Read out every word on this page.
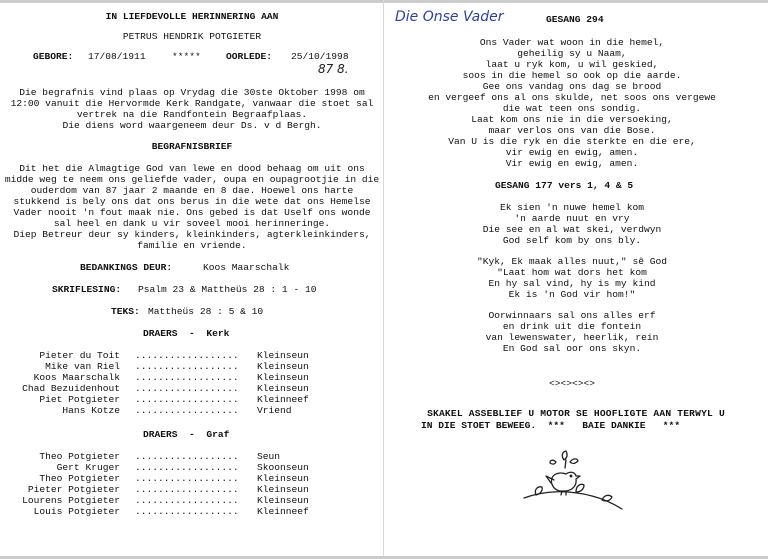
IN LIEFDEVOLLE HERINNERING AAN
PETRUS HENDRIK POTGIETER
GEBORE: 17/08/1911	*****	OORLEDE: 25/10/1998
87 8.
Die begrafnis vind plaas op Vrydag die 30ste Oktober 1998 om
12:00 vanuit die Hervormde Kerk Randgate, vanwaar die stoet sal
vertrek na die Randfontein Begraafplaas.
Die diens word waargeneem deur Ds. v d Bergh.
BEGRAFNISBRIEF
Dit het die Almagtige God van lewe en dood behaag om uit ons
midde weg te neem ons geliefde vader, oupa en oupagrootjie in die
ouderdom van 87 jaar 2 maande en 8 dae. Hoewel ons harte
stukkend is bely ons dat ons berus in die wete dat ons Hemelse
Vader nooit 'n fout maak nie. Ons gebed is dat Uself ons wonde
sal heel en dank u vir soveel mooi herinneringe.
Diep Betreur deur sy kinders, kleinkinders, agterkleinkinders,
familie en vriende.
BEDANKINGS DEUR:	Koos Maarschalk
SKRIFLESING: Psalm 23 & Mattheüs 28 : 1 - 10
TEKS: Mattheüs 28 : 5 & 10
DRAERS  -  Kerk
Pieter du Toit .................. Kleinseun
Mike van Riel .................. Kleinseun
Koos Maarschalk .................. Kleinseun
Chad Bezuidenhout .................. Kleinseun
Piet Potgieter .................. Kleinneef
Hans Kotze .................. Vriend
DRAERS  -  Graf
Theo Potgieter .................. Seun
Gert Kruger .................. Skoonseun
Theo Potgieter .................. Kleinseun
Pieter Potgieter .................. Kleinseun
Lourens Potgieter .................. Kleinseun
Louis Potgieter .................. Kleinneef
Die Onse Vader	GESANG 294
Ons Vader wat woon in die hemel,
geheilig sy u Naam,
laat u ryk kom, u wil geskied,
soos in die hemel so ook op die aarde.
Gee ons vandag ons dag se brood
en vergeef ons al ons skulde, net soos ons vergewe
die wat teen ons sondig.
Laat kom ons nie in die versoeking,
maar verlos ons van die Bose.
Van U is die ryk en die sterkte en die ere,
vir ewig en ewig, amen.
Vir ewig en ewig, amen.
GESANG 177 vers 1, 4 & 5
Ek sien 'n nuwe hemel kom
'n aarde nuut en vry
Die see en al wat skei, verdwyn
God self kom by ons bly.
"Kyk, Ek maak alles nuut," sê God
"Laat hom wat dors het kom
En hy sal vind, hy is my kind
Ek is 'n God vir hom!"
Oorwinnaars sal ons alles erf
en drink uit die fontein
van lewenswater, heerlik, rein
En God sal oor ons skyn.
<><><><>
SKAKEL ASSEBLIEF U MOTOR SE HOOFLIGTE AAN TERWYL U
IN DIE STOET BEWEEG.  ***   BAIE DANKIE   ***
